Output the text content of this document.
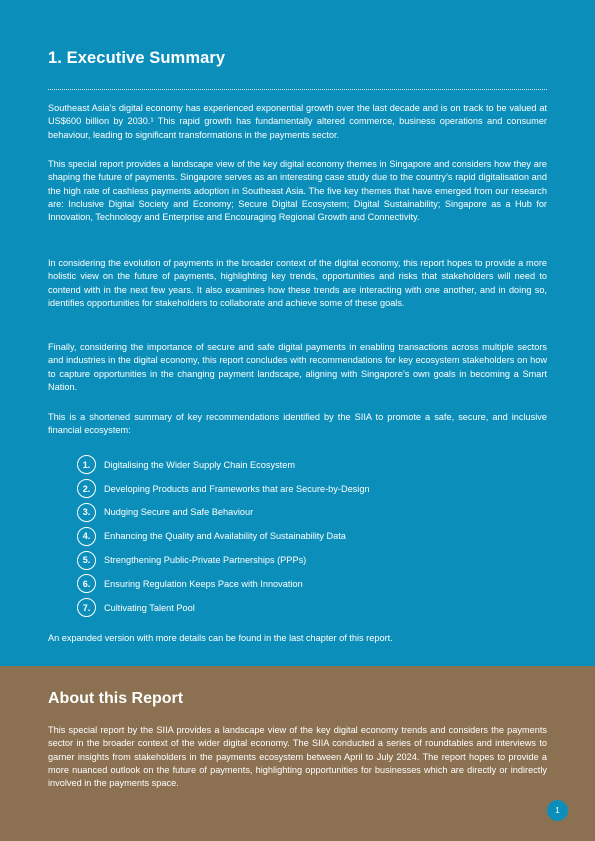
1. Executive Summary

Southeast Asia’s digital economy has experienced exponential growth over the last decade and is on track to be valued at US$600 billion by 2030.¹ This rapid growth has fundamentally altered commerce, business operations and consumer behaviour, leading to significant transformations in the payments sector.

This special report provides a landscape view of the key digital economy themes in Singapore and considers how they are shaping the future of payments. Singapore serves as an interesting case study due to the country’s rapid digitalisation and the high rate of cashless payments adoption in Southeast Asia. The five key themes that have emerged from our research are: Inclusive Digital Society and Economy; Secure Digital Ecosystem; Digital Sustainability; Singapore as a Hub for Innovation, Technology and Enterprise and Encouraging Regional Growth and Connectivity.

In considering the evolution of payments in the broader context of the digital economy, this report hopes to provide a more holistic view on the future of payments, highlighting key trends, opportunities and risks that stakeholders will need to contend with in the next few years. It also examines how these trends are interacting with one another, and in doing so, identifies opportunities for stakeholders to collaborate and achieve some of these goals.

Finally, considering the importance of secure and safe digital payments in enabling transactions across multiple sectors and industries in the digital economy, this report concludes with recommendations for key ecosystem stakeholders on how to capture opportunities in the changing payment landscape, aligning with Singapore’s own goals in becoming a Smart Nation.

This is a shortened summary of key recommendations identified by the SIIA to promote a safe, secure, and inclusive financial ecosystem:

1.	Digitalising the Wider Supply Chain Ecosystem
2.	Developing Products and Frameworks that are Secure-by-Design
3.	Nudging Secure and Safe Behaviour
4.	Enhancing the Quality and Availability of Sustainability Data
5.	Strengthening Public-Private Partnerships (PPPs)
6.	Ensuring Regulation Keeps Pace with Innovation
7.	Cultivating Talent Pool

An expanded version with more details can be found in the last chapter of this report.

About this Report

This special report by the SIIA provides a landscape view of the key digital economy trends and considers the payments sector in the broader context of the wider digital economy. The SIIA conducted a series of roundtables and interviews to garner insights from stakeholders in the payments ecosystem between April to July 2024. The report hopes to provide a more nuanced outlook on the future of payments, highlighting opportunities for businesses which are directly or indirectly involved in the payments space.

1
